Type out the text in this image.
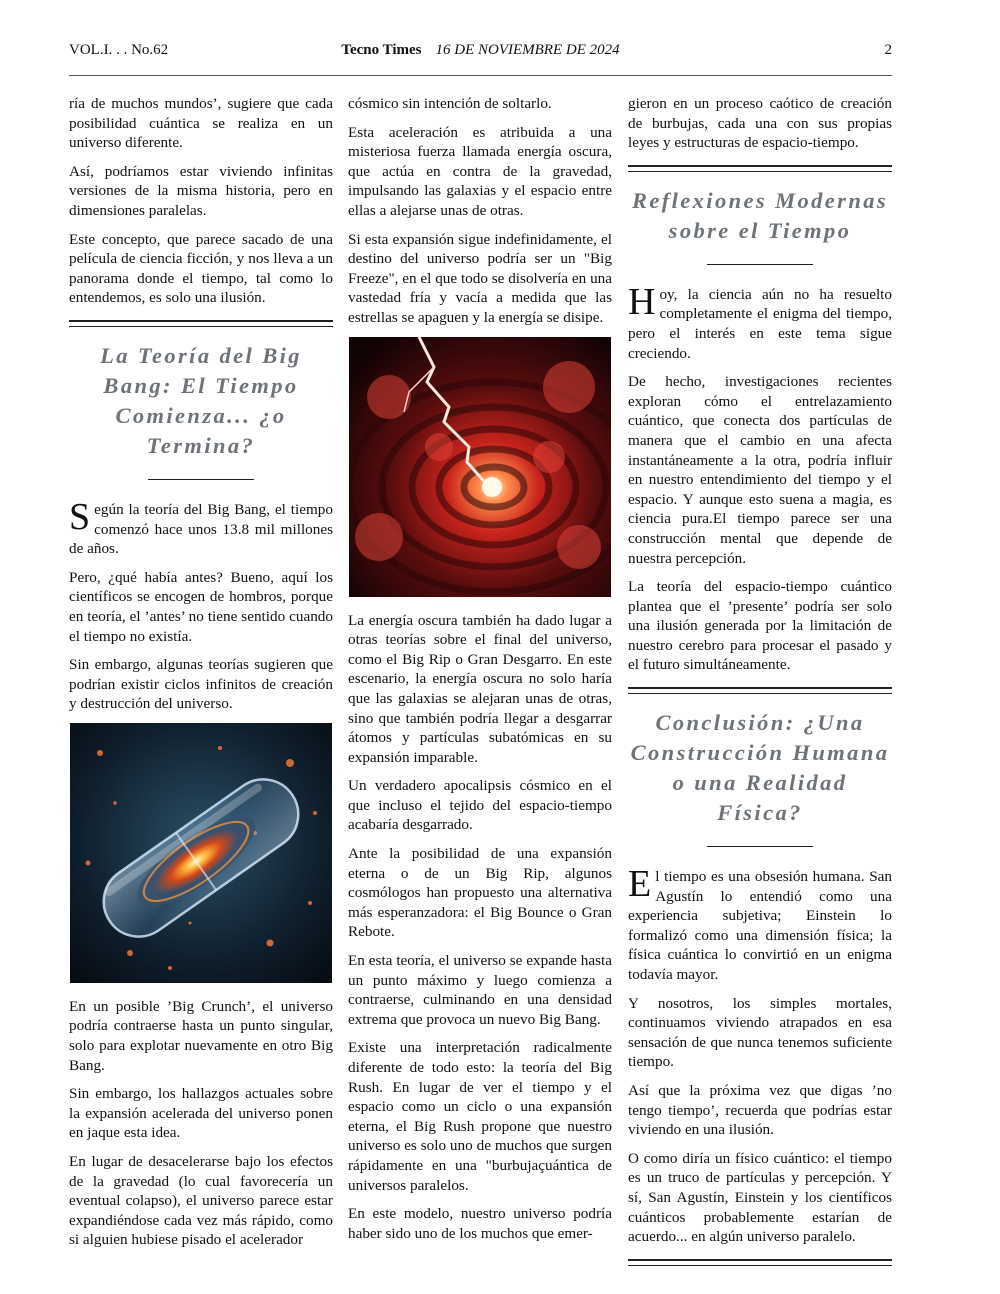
VOL.I. . . No.62	Tecno Times 16 DE NOVIEMBRE DE 2024	2

ría de muchos mundos’, sugiere que cada posibilidad cuántica se realiza en un universo diferente.

Así, podríamos estar viviendo infinitas versiones de la misma historia, pero en dimensiones paralelas.

Este concepto, que parece sacado de una película de ciencia ficción, y nos lleva a un panorama donde el tiempo, tal como lo entendemos, es solo una ilusión.

La Teoría del Big Bang: El Tiempo Comienza... ¿o Termina?

Según la teoría del Big Bang, el tiempo comenzó hace unos 13.8 mil millones de años.

Pero, ¿qué había antes? Bueno, aquí los científicos se encogen de hombros, porque en teoría, el ’antes’ no tiene sentido cuando el tiempo no existía.

Sin embargo, algunas teorías sugieren que podrían existir ciclos infinitos de creación y destrucción del universo.

En un posible ’Big Crunch’, el universo podría contraerse hasta un punto singular, solo para explotar nuevamente en otro Big Bang.

Sin embargo, los hallazgos actuales sobre la expansión acelerada del universo ponen en jaque esta idea.

En lugar de desacelerarse bajo los efectos de la gravedad (lo cual favorecería un eventual colapso), el universo parece estar expandiéndose cada vez más rápido, como si alguien hubiese pisado el acelerador

cósmico sin intención de soltarlo.

Esta aceleración es atribuida a una misteriosa fuerza llamada energía oscura, que actúa en contra de la gravedad, impulsando las galaxias y el espacio entre ellas a alejarse unas de otras.

Si esta expansión sigue indefinidamente, el destino del universo podría ser un "Big Freeze", en el que todo se disolvería en una vastedad fría y vacía a medida que las estrellas se apaguen y la energía se disipe.

La energía oscura también ha dado lugar a otras teorías sobre el final del universo, como el Big Rip o Gran Desgarro. En este escenario, la energía oscura no solo haría que las galaxias se alejaran unas de otras, sino que también podría llegar a desgarrar átomos y partículas subatómicas en su expansión imparable.

Un verdadero apocalipsis cósmico en el que incluso el tejido del espacio-tiempo acabaría desgarrado.

Ante la posibilidad de una expansión eterna o de un Big Rip, algunos cosmólogos han propuesto una alternativa más esperanzadora: el Big Bounce o Gran Rebote.

En esta teoría, el universo se expande hasta un punto máximo y luego comienza a contraerse, culminando en una densidad extrema que provoca un nuevo Big Bang.

Existe una interpretación radicalmente diferente de todo esto: la teoría del Big Rush. En lugar de ver el tiempo y el espacio como un ciclo o una expansión eterna, el Big Rush propone que nuestro universo es solo uno de muchos que surgen rápidamente en una "burbujaçuántica de universos paralelos.

En este modelo, nuestro universo podría haber sido uno de los muchos que emer-

gieron en un proceso caótico de creación de burbujas, cada una con sus propias leyes y estructuras de espacio-tiempo.

Reflexiones Modernas sobre el Tiempo

Hoy, la ciencia aún no ha resuelto completamente el enigma del tiempo, pero el interés en este tema sigue creciendo.

De hecho, investigaciones recientes exploran cómo el entrelazamiento cuántico, que conecta dos partículas de manera que el cambio en una afecta instantáneamente a la otra, podría influir en nuestro entendimiento del tiempo y el espacio. Y aunque esto suena a magia, es ciencia pura.El tiempo parece ser una construcción mental que depende de nuestra percepción.

La teoría del espacio-tiempo cuántico plantea que el ’presente’ podría ser solo una ilusión generada por la limitación de nuestro cerebro para procesar el pasado y el futuro simultáneamente.

Conclusión: ¿Una Construcción Humana o una Realidad Física?

El tiempo es una obsesión humana. San Agustín lo entendió como una experiencia subjetiva; Einstein lo formalizó como una dimensión física; la física cuántica lo convirtió en un enigma todavía mayor.

Y nosotros, los simples mortales, continuamos viviendo atrapados en esa sensación de que nunca tenemos suficiente tiempo.

Así que la próxima vez que digas ’no tengo tiempo’, recuerda que podrías estar viviendo en una ilusión.

O como diría un físico cuántico: el tiempo es un truco de partículas y percepción. Y sí, San Agustín, Einstein y los científicos cuánticos probablemente estarían de acuerdo... en algún universo paralelo.
